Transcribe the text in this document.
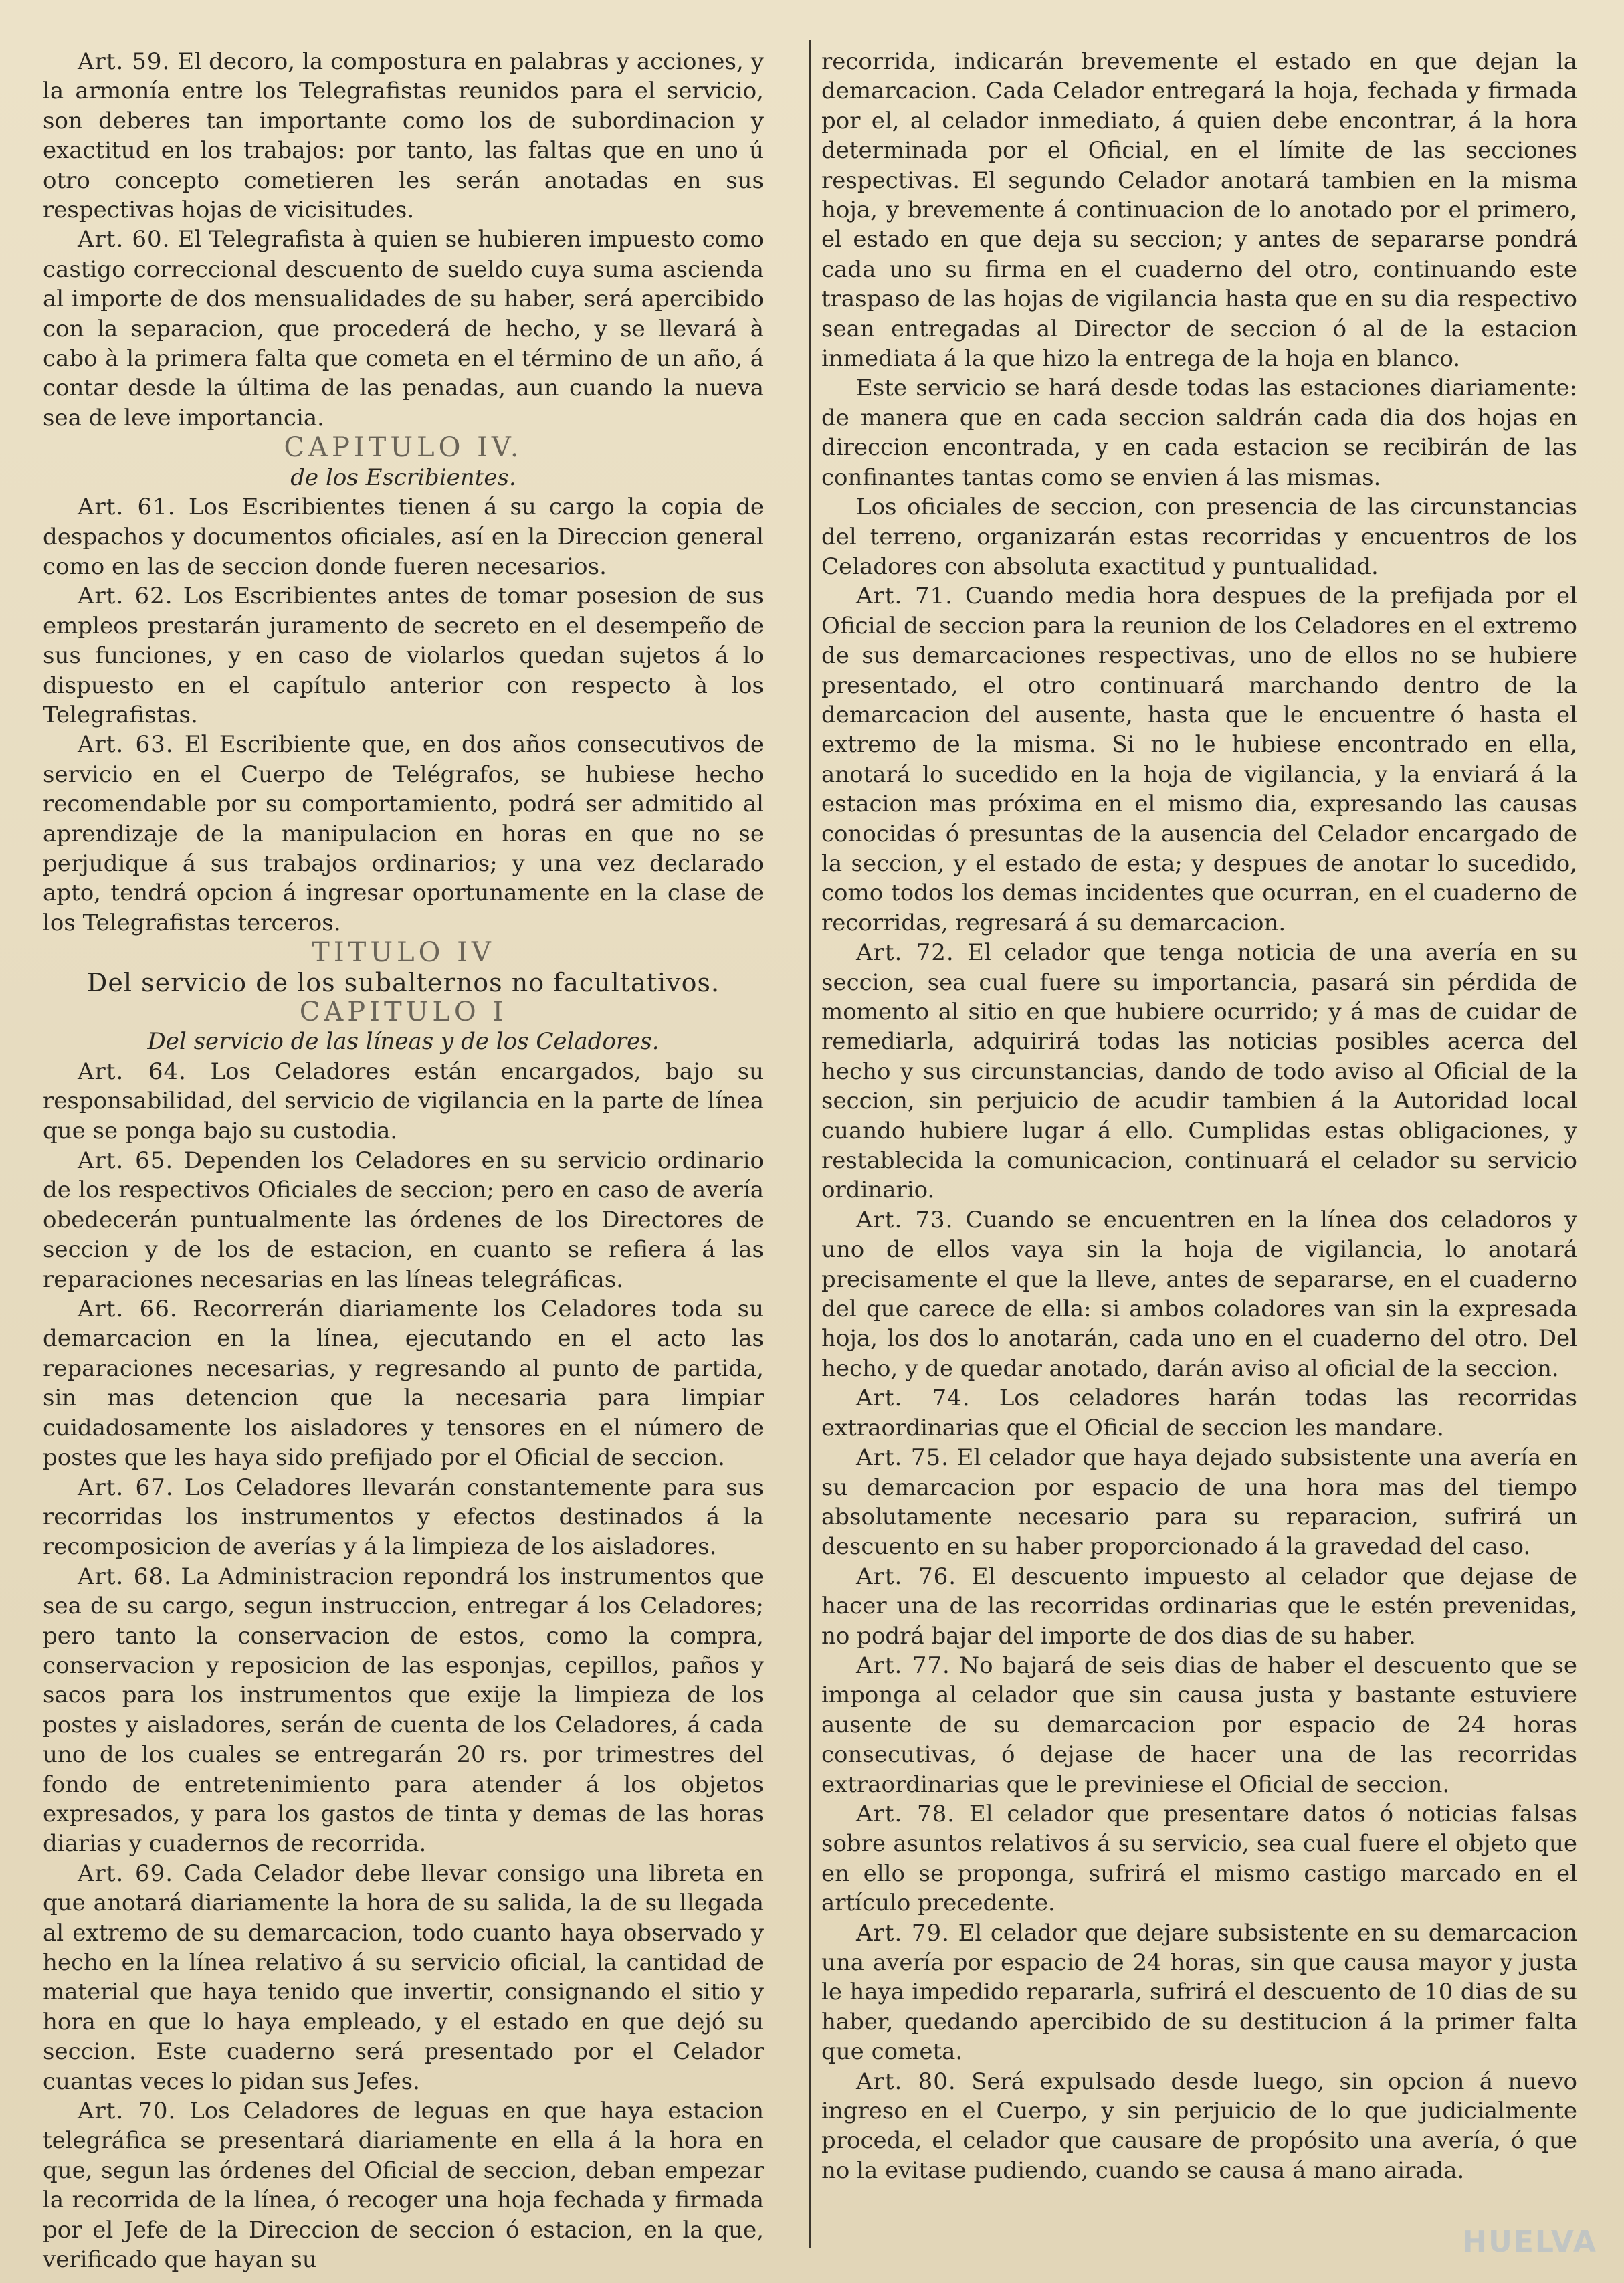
Art. 59. El decoro, la compostura en palabras y acciones, y la armonía entre los Telegrafistas reunidos para el servicio, son deberes tan importante como los de subordinacion y exactitud en los trabajos: por tanto, las faltas que en uno ú otro concepto cometieren les serán anotadas en sus respectivas hojas de vicisitudes.

Art. 60. El Telegrafista à quien se hubieren impuesto como castigo correccional descuento de sueldo cuya suma ascienda al importe de dos mensualidades de su haber, será apercibido con la separacion, que procederá de hecho, y se llevará à cabo à la primera falta que cometa en el término de un año, á contar desde la última de las penadas, aun cuando la nueva sea de leve importancia.

CAPITULO IV.

de los Escribientes.

Art. 61. Los Escribientes tienen á su cargo la copia de despachos y documentos oficiales, así en la Direccion general como en las de seccion donde fueren necesarios.

Art. 62. Los Escribientes antes de tomar posesion de sus empleos prestarán juramento de secreto en el desempeño de sus funciones, y en caso de violarlos quedan sujetos á lo dispuesto en el capítulo anterior con respecto à los Telegrafistas.

Art. 63. El Escribiente que, en dos años consecutivos de servicio en el Cuerpo de Telégrafos, se hubiese hecho recomendable por su comportamiento, podrá ser admitido al aprendizaje de la manipulacion en horas en que no se perjudique á sus trabajos ordinarios; y una vez declarado apto, tendrá opcion á ingresar oportunamente en la clase de los Telegrafistas terceros.

TITULO IV

Del servicio de los subalternos no facultativos.

CAPITULO I

Del servicio de las líneas y de los Celadores.

Art. 64. Los Celadores están encargados, bajo su responsabilidad, del servicio de vigilancia en la parte de línea que se ponga bajo su custodia.

Art. 65. Dependen los Celadores en su servicio ordinario de los respectivos Oficiales de seccion; pero en caso de avería obedecerán puntualmente las órdenes de los Directores de seccion y de los de estacion, en cuanto se refiera á las reparaciones necesarias en las líneas telegráficas.

Art. 66. Recorrerán diariamente los Celadores toda su demarcacion en la línea, ejecutando en el acto las reparaciones necesarias, y regresando al punto de partida, sin mas detencion que la necesaria para limpiar cuidadosamente los aisladores y tensores en el número de postes que les haya sido prefijado por el Oficial de seccion.

Art. 67. Los Celadores llevarán constantemente para sus recorridas los instrumentos y efectos destinados á la recomposicion de averías y á la limpieza de los aisladores.

Art. 68. La Administracion repondrá los instrumentos que sea de su cargo, segun instruccion, entregar á los Celadores; pero tanto la conservacion de estos, como la compra, conservacion y reposicion de las esponjas, cepillos, paños y sacos para los instrumentos que exije la limpieza de los postes y aisladores, serán de cuenta de los Celadores, á cada uno de los cuales se entregarán 20 rs. por trimestres del fondo de entretenimiento para atender á los objetos expresados, y para los gastos de tinta y demas de las horas diarias y cuadernos de recorrida.

Art. 69. Cada Celador debe llevar consigo una libreta en que anotará diariamente la hora de su salida, la de su llegada al extremo de su demarcacion, todo cuanto haya observado y hecho en la línea relativo á su servicio oficial, la cantidad de material que haya tenido que invertir, consignando el sitio y hora en que lo haya empleado, y el estado en que dejó su seccion. Este cuaderno será presentado por el Celador cuantas veces lo pidan sus Jefes.

Art. 70. Los Celadores de leguas en que haya estacion telegráfica se presentará diariamente en ella á la hora en que, segun las órdenes del Oficial de seccion, deban empezar la recorrida de la línea, ó recoger una hoja fechada y firmada por el Jefe de la Direccion de seccion ó estacion, en la que, verificado que hayan su

recorrida, indicarán brevemente el estado en que dejan la demarcacion. Cada Celador entregará la hoja, fechada y firmada por el, al celador inmediato, á quien debe encontrar, á la hora determinada por el Oficial, en el límite de las secciones respectivas. El segundo Celador anotará tambien en la misma hoja, y brevemente á continuacion de lo anotado por el primero, el estado en que deja su seccion; y antes de separarse pondrá cada uno su firma en el cuaderno del otro, continuando este traspaso de las hojas de vigilancia hasta que en su dia respectivo sean entregadas al Director de seccion ó al de la estacion inmediata á la que hizo la entrega de la hoja en blanco.

Este servicio se hará desde todas las estaciones diariamente: de manera que en cada seccion saldrán cada dia dos hojas en direccion encontrada, y en cada estacion se recibirán de las confinantes tantas como se envien á las mismas.

Los oficiales de seccion, con presencia de las circunstancias del terreno, organizarán estas recorridas y encuentros de los Celadores con absoluta exactitud y puntualidad.

Art. 71. Cuando media hora despues de la prefijada por el Oficial de seccion para la reunion de los Celadores en el extremo de sus demarcaciones respectivas, uno de ellos no se hubiere presentado, el otro continuará marchando dentro de la demarcacion del ausente, hasta que le encuentre ó hasta el extremo de la misma. Si no le hubiese encontrado en ella, anotará lo sucedido en la hoja de vigilancia, y la enviará á la estacion mas próxima en el mismo dia, expresando las causas conocidas ó presuntas de la ausencia del Celador encargado de la seccion, y el estado de esta; y despues de anotar lo sucedido, como todos los demas incidentes que ocurran, en el cuaderno de recorridas, regresará á su demarcacion.

Art. 72. El celador que tenga noticia de una avería en su seccion, sea cual fuere su importancia, pasará sin pérdida de momento al sitio en que hubiere ocurrido; y á mas de cuidar de remediarla, adquirirá todas las noticias posibles acerca del hecho y sus circunstancias, dando de todo aviso al Oficial de la seccion, sin perjuicio de acudir tambien á la Autoridad local cuando hubiere lugar á ello. Cumplidas estas obligaciones, y restablecida la comunicacion, continuará el celador su servicio ordinario.

Art. 73. Cuando se encuentren en la línea dos celadoros y uno de ellos vaya sin la hoja de vigilancia, lo anotará precisamente el que la lleve, antes de separarse, en el cuaderno del que carece de ella: si ambos coladores van sin la expresada hoja, los dos lo anotarán, cada uno en el cuaderno del otro. Del hecho, y de quedar anotado, darán aviso al oficial de la seccion.

Art. 74. Los celadores harán todas las recorridas extraordinarias que el Oficial de seccion les mandare.

Art. 75. El celador que haya dejado subsistente una avería en su demarcacion por espacio de una hora mas del tiempo absolutamente necesario para su reparacion, sufrirá un descuento en su haber proporcionado á la gravedad del caso.

Art. 76. El descuento impuesto al celador que dejase de hacer una de las recorridas ordinarias que le estén prevenidas, no podrá bajar del importe de dos dias de su haber.

Art. 77. No bajará de seis dias de haber el descuento que se imponga al celador que sin causa justa y bastante estuviere ausente de su demarcacion por espacio de 24 horas consecutivas, ó dejase de hacer una de las recorridas extraordinarias que le previniese el Oficial de seccion.

Art. 78. El celador que presentare datos ó noticias falsas sobre asuntos relativos á su servicio, sea cual fuere el objeto que en ello se proponga, sufrirá el mismo castigo marcado en el artículo precedente.

Art. 79. El celador que dejare subsistente en su demarcacion una avería por espacio de 24 horas, sin que causa mayor y justa le haya impedido repararla, sufrirá el descuento de 10 dias de su haber, quedando apercibido de su destitucion á la primer falta que cometa.

Art. 80. Será expulsado desde luego, sin opcion á nuevo ingreso en el Cuerpo, y sin perjuicio de lo que judicialmente proceda, el celador que causare de propósito una avería, ó que no la evitase pudiendo, cuando se causa á mano airada.

HUELVA
